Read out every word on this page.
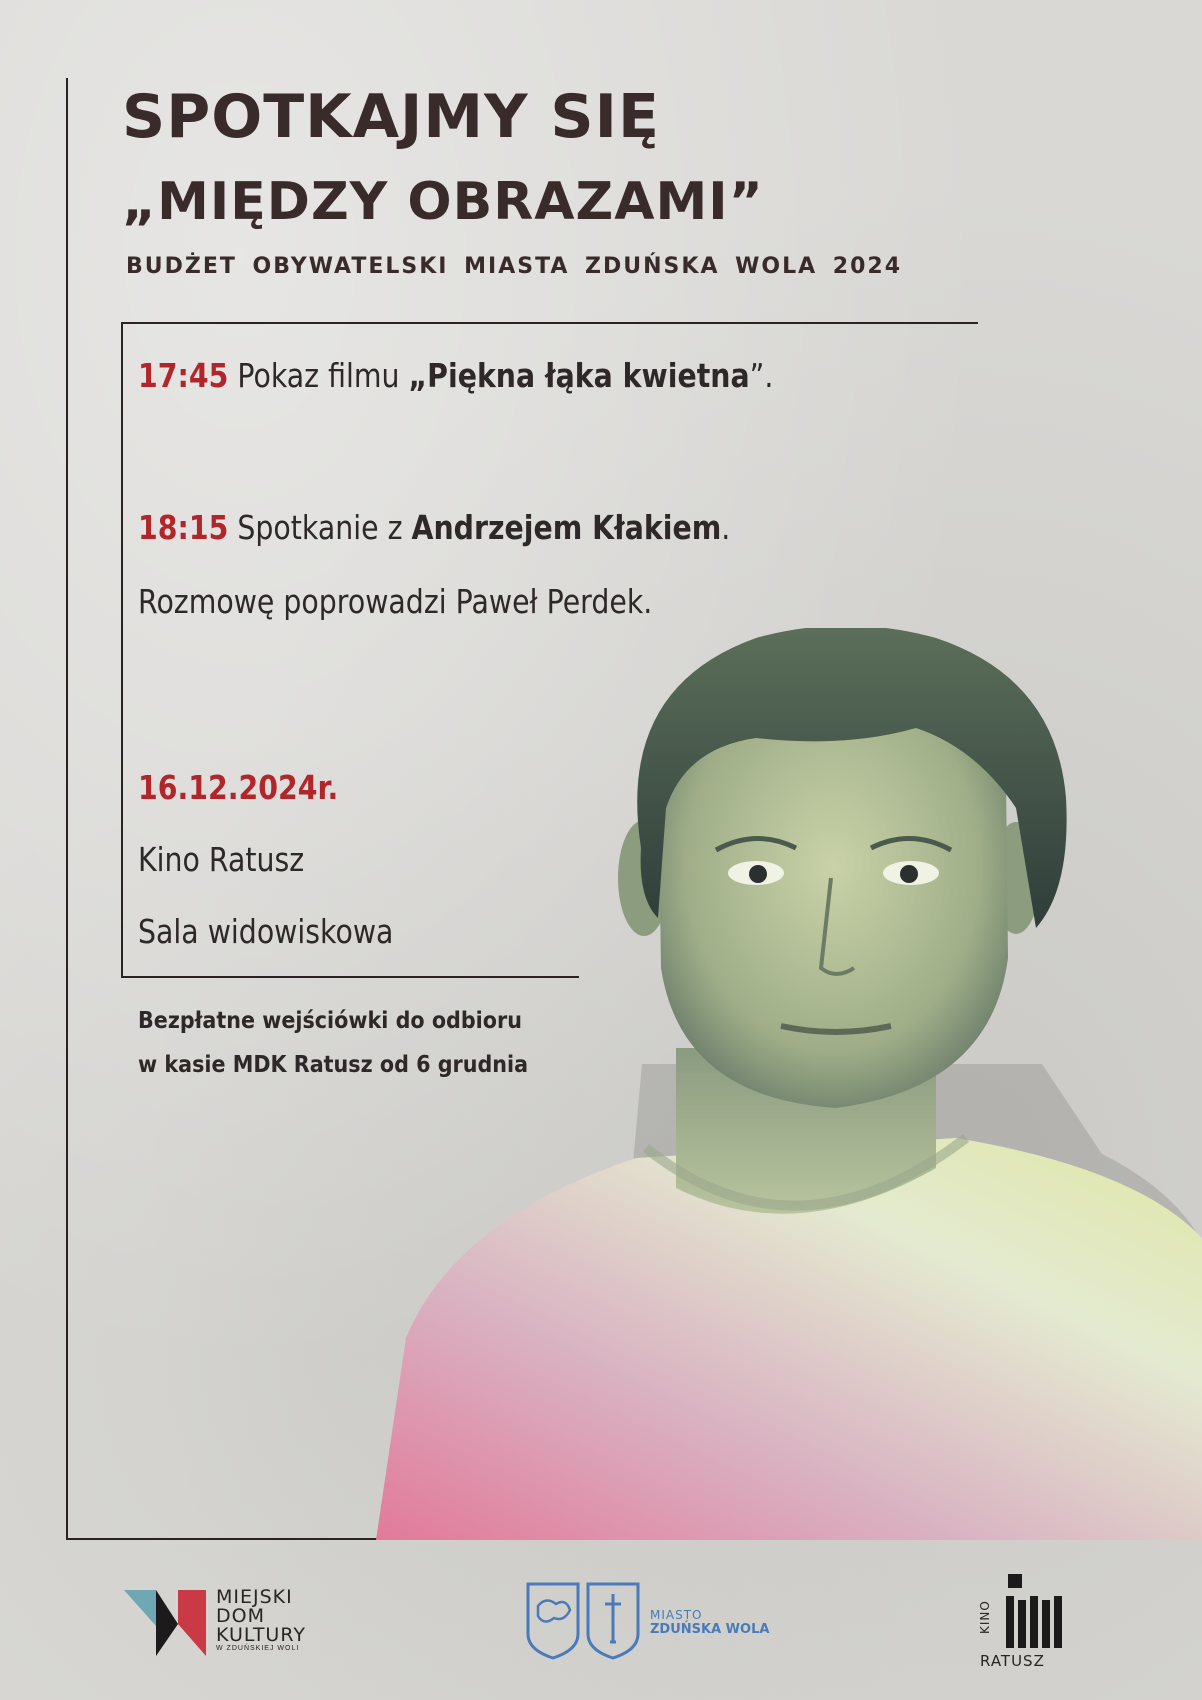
SPOTKAJMY SIĘ
„MIĘDZY OBRAZAMI”
BUDŻET OBYWATELSKI MIASTA ZDUŃSKA WOLA 2024
17:45 Pokaz filmu „Piękna łąka kwietna”.
18:15 Spotkanie z Andrzejem Kłakiem.
Rozmowę poprowadzi Paweł Perdek.
16.12.2024r.
Kino Ratusz
Sala widowiskowa
Bezpłatne wejściówki do odbioru
w kasie MDK Ratusz od 6 grudnia
MIEJSKI
DOM
KULTURY
W ZDUŃSKIEJ WOLI
MIASTO
ZDUŃSKA WOLA	KINO
RATUSZ
